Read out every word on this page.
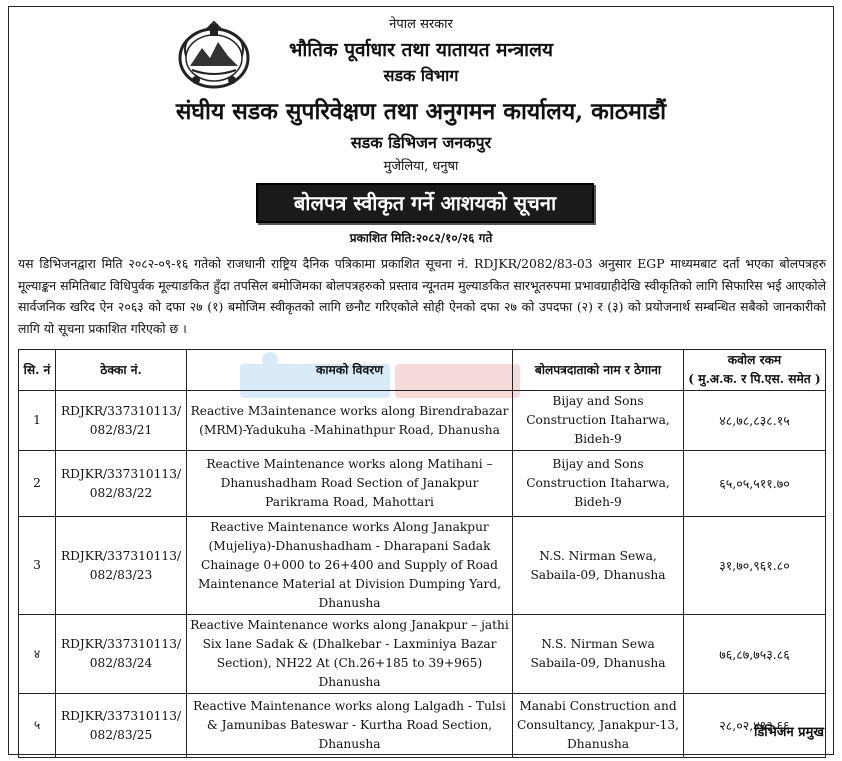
नेपाल सरकार
भौतिक पूर्वाधार तथा यातायत मन्त्रालय
सडक विभाग
संघीय सडक सुपरिवेक्षण तथा अनुगमन कार्यालय, काठमाडौं
सडक डिभिजन जनकपुर
मुजेलिया, धनुषा
बोलपत्र स्वीकृत गर्ने आशयको सूचना
प्रकाशित मिति:२०८२/१०/२६ गते
यस डिभिजनद्वारा मिति २०८२-०९-१६ गतेको राजधानी राष्ट्रिय दैनिक पत्रिकामा प्रकाशित सूचना नं. RDJKR/2082/83-03 अनुसार EGP माध्यमबाट दर्ता भएका बोलपत्रहरु मूल्याङ्कन समितिबाट विधिपुर्वक मूल्याङकित हुँदा तपसिल बमोजिमका बोलपत्रहरुको प्रस्ताव न्यूनतम मुल्याङकित सारभूतरुपमा प्रभावग्राहीदेखि स्वीकृतिको लागि सिफारिस भई आएकोले सार्वजनिक खरिद ऐन २०६३ को दफा २७ (१) बमोजिम स्वीकृतको लागि छनौट गरिएकोले सोही ऐनको दफा २७ को उपदफा (२) र (३) को प्रयोजनार्थ सम्बन्धित सबैको जानकारीको लागि यो सूचना प्रकाशित गरिएको छ ।
सि. नं	ठेक्का नं.	कामको विवरण	बोलपत्रदाताको नाम र ठेगाना	कवोल रकम
( मु.अ.क. र पि.एस. समेत )

1	RDJKR/337310113/ 082/83/21	Reactive M3aintenance works along Birendrabazar (MRM)-Yadukuha -Mahinathpur Road, Dhanusha	Bijay and Sons Construction Itaharwa, Bideh-9	४८,७८,८३८.१५
2	RDJKR/337310113/ 082/83/22	Reactive Maintenance works along Matihani – Dhanushadham Road Section of Janakpur Parikrama Road, Mahottari	Bijay and Sons Construction Itaharwa, Bideh-9	६५,०५,५११.७०
3	RDJKR/337310113/ 082/83/23	Reactive Maintenance works Along Janakpur (Mujeliya)-Dhanushadham - Dharapani Sadak Chainage 0+000 to 26+400 and Supply of Road Maintenance Material at Division Dumping Yard, Dhanusha	N.S. Nirman Sewa, Sabaila-09, Dhanusha	३१,७०,९६१.८०
४	RDJKR/337310113/ 082/83/24	Reactive Maintenance works along Janakpur – jathi Six lane Sadak & (Dhalkebar - Laxminiya Bazar Section), NH22 At (Ch.26+185 to 39+965) Dhanusha	N.S. Nirman Sewa Sabaila-09, Dhanusha	७६,८७,७५३.८६
५	RDJKR/337310113/ 082/83/25	Reactive Maintenance works along Lalgadh - Tulsi & Jamunibas Bateswar - Kurtha Road Section, Dhanusha	Manabi Construction and Consultancy, Janakpur-13, Dhanusha	२८,०२,४९३.६६
डिभिजन प्रमुख
